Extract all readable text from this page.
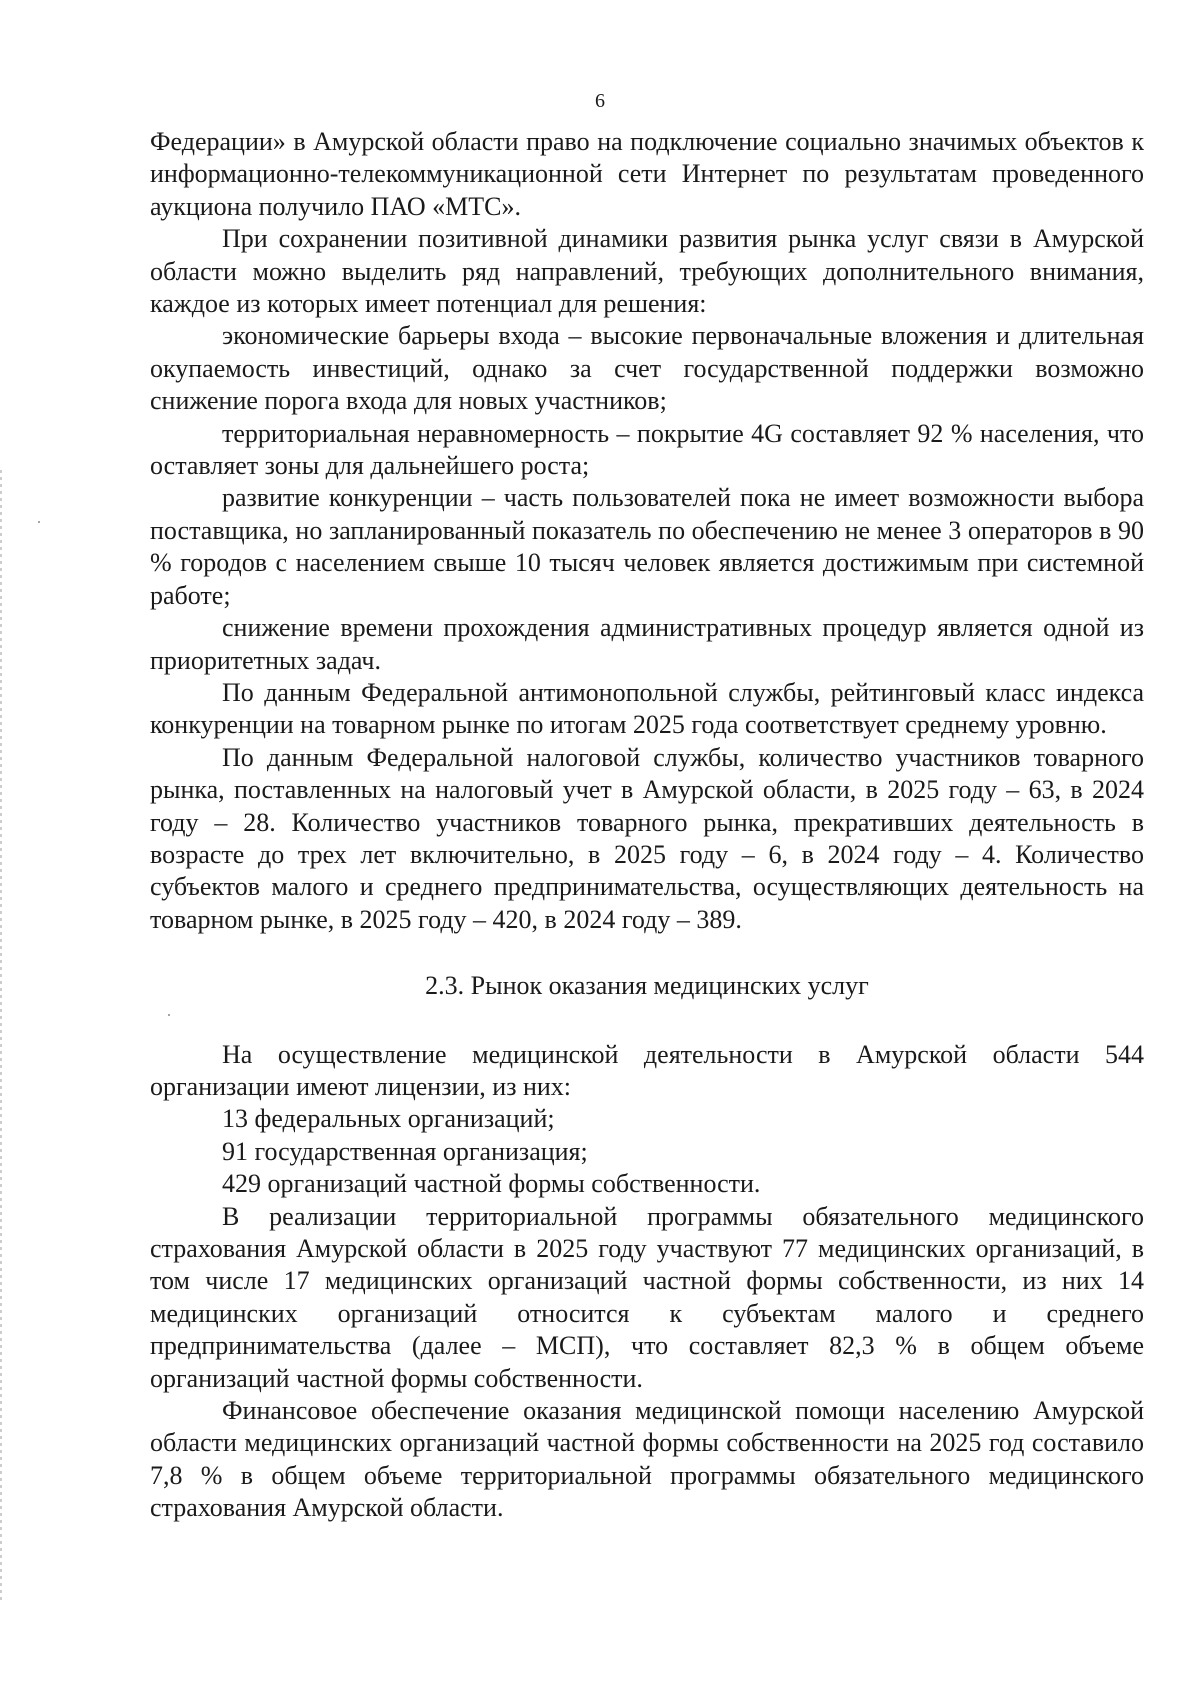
6

Федерации» в Амурской области право на подключение социально значимых объектов к информационно-телекоммуникационной сети Интернет по результатам проведенного аукциона получило ПАО «МТС».

При сохранении позитивной динамики развития рынка услуг связи в Амурской области можно выделить ряд направлений, требующих дополнительного внимания, каждое из которых имеет потенциал для решения:

экономические барьеры входа – высокие первоначальные вложения и длительная окупаемость инвестиций, однако за счет государственной поддержки возможно снижение порога входа для новых участников;

территориальная неравномерность – покрытие 4G составляет 92 % населения, что оставляет зоны для дальнейшего роста;

развитие конкуренции – часть пользователей пока не имеет возможности выбора поставщика, но запланированный показатель по обеспечению не менее 3 операторов в 90 % городов с населением свыше 10 тысяч человек является достижимым при системной работе;

снижение времени прохождения административных процедур является одной из приоритетных задач.

По данным Федеральной антимонопольной службы, рейтинговый класс индекса конкуренции на товарном рынке по итогам 2025 года соответствует среднему уровню.

По данным Федеральной налоговой службы, количество участников товарного рынка, поставленных на налоговый учет в Амурской области, в 2025 году – 63, в 2024 году – 28. Количество участников товарного рынка, прекративших деятельность в возрасте до трех лет включительно, в 2025 году – 6, в 2024 году – 4. Количество субъектов малого и среднего предпринимательства, осуществляющих деятельность на товарном рынке, в 2025 году – 420, в 2024 году – 389.

2.3. Рынок оказания медицинских услуг

На осуществление медицинской деятельности в Амурской области 544 организации имеют лицензии, из них:

13 федеральных организаций;

91 государственная организация;

429 организаций частной формы собственности.

В реализации территориальной программы обязательного медицинского страхования Амурской области в 2025 году участвуют 77 медицинских организаций, в том числе 17 медицинских организаций частной формы собственности, из них 14 медицинских организаций относится к субъектам малого и среднего предпринимательства (далее – МСП), что составляет 82,3 % в общем объеме организаций частной формы собственности.

Финансовое обеспечение оказания медицинской помощи населению Амурской области медицинских организаций частной формы собственности на 2025 год составило 7,8 % в общем объеме территориальной программы обязательного медицинского страхования Амурской области.
